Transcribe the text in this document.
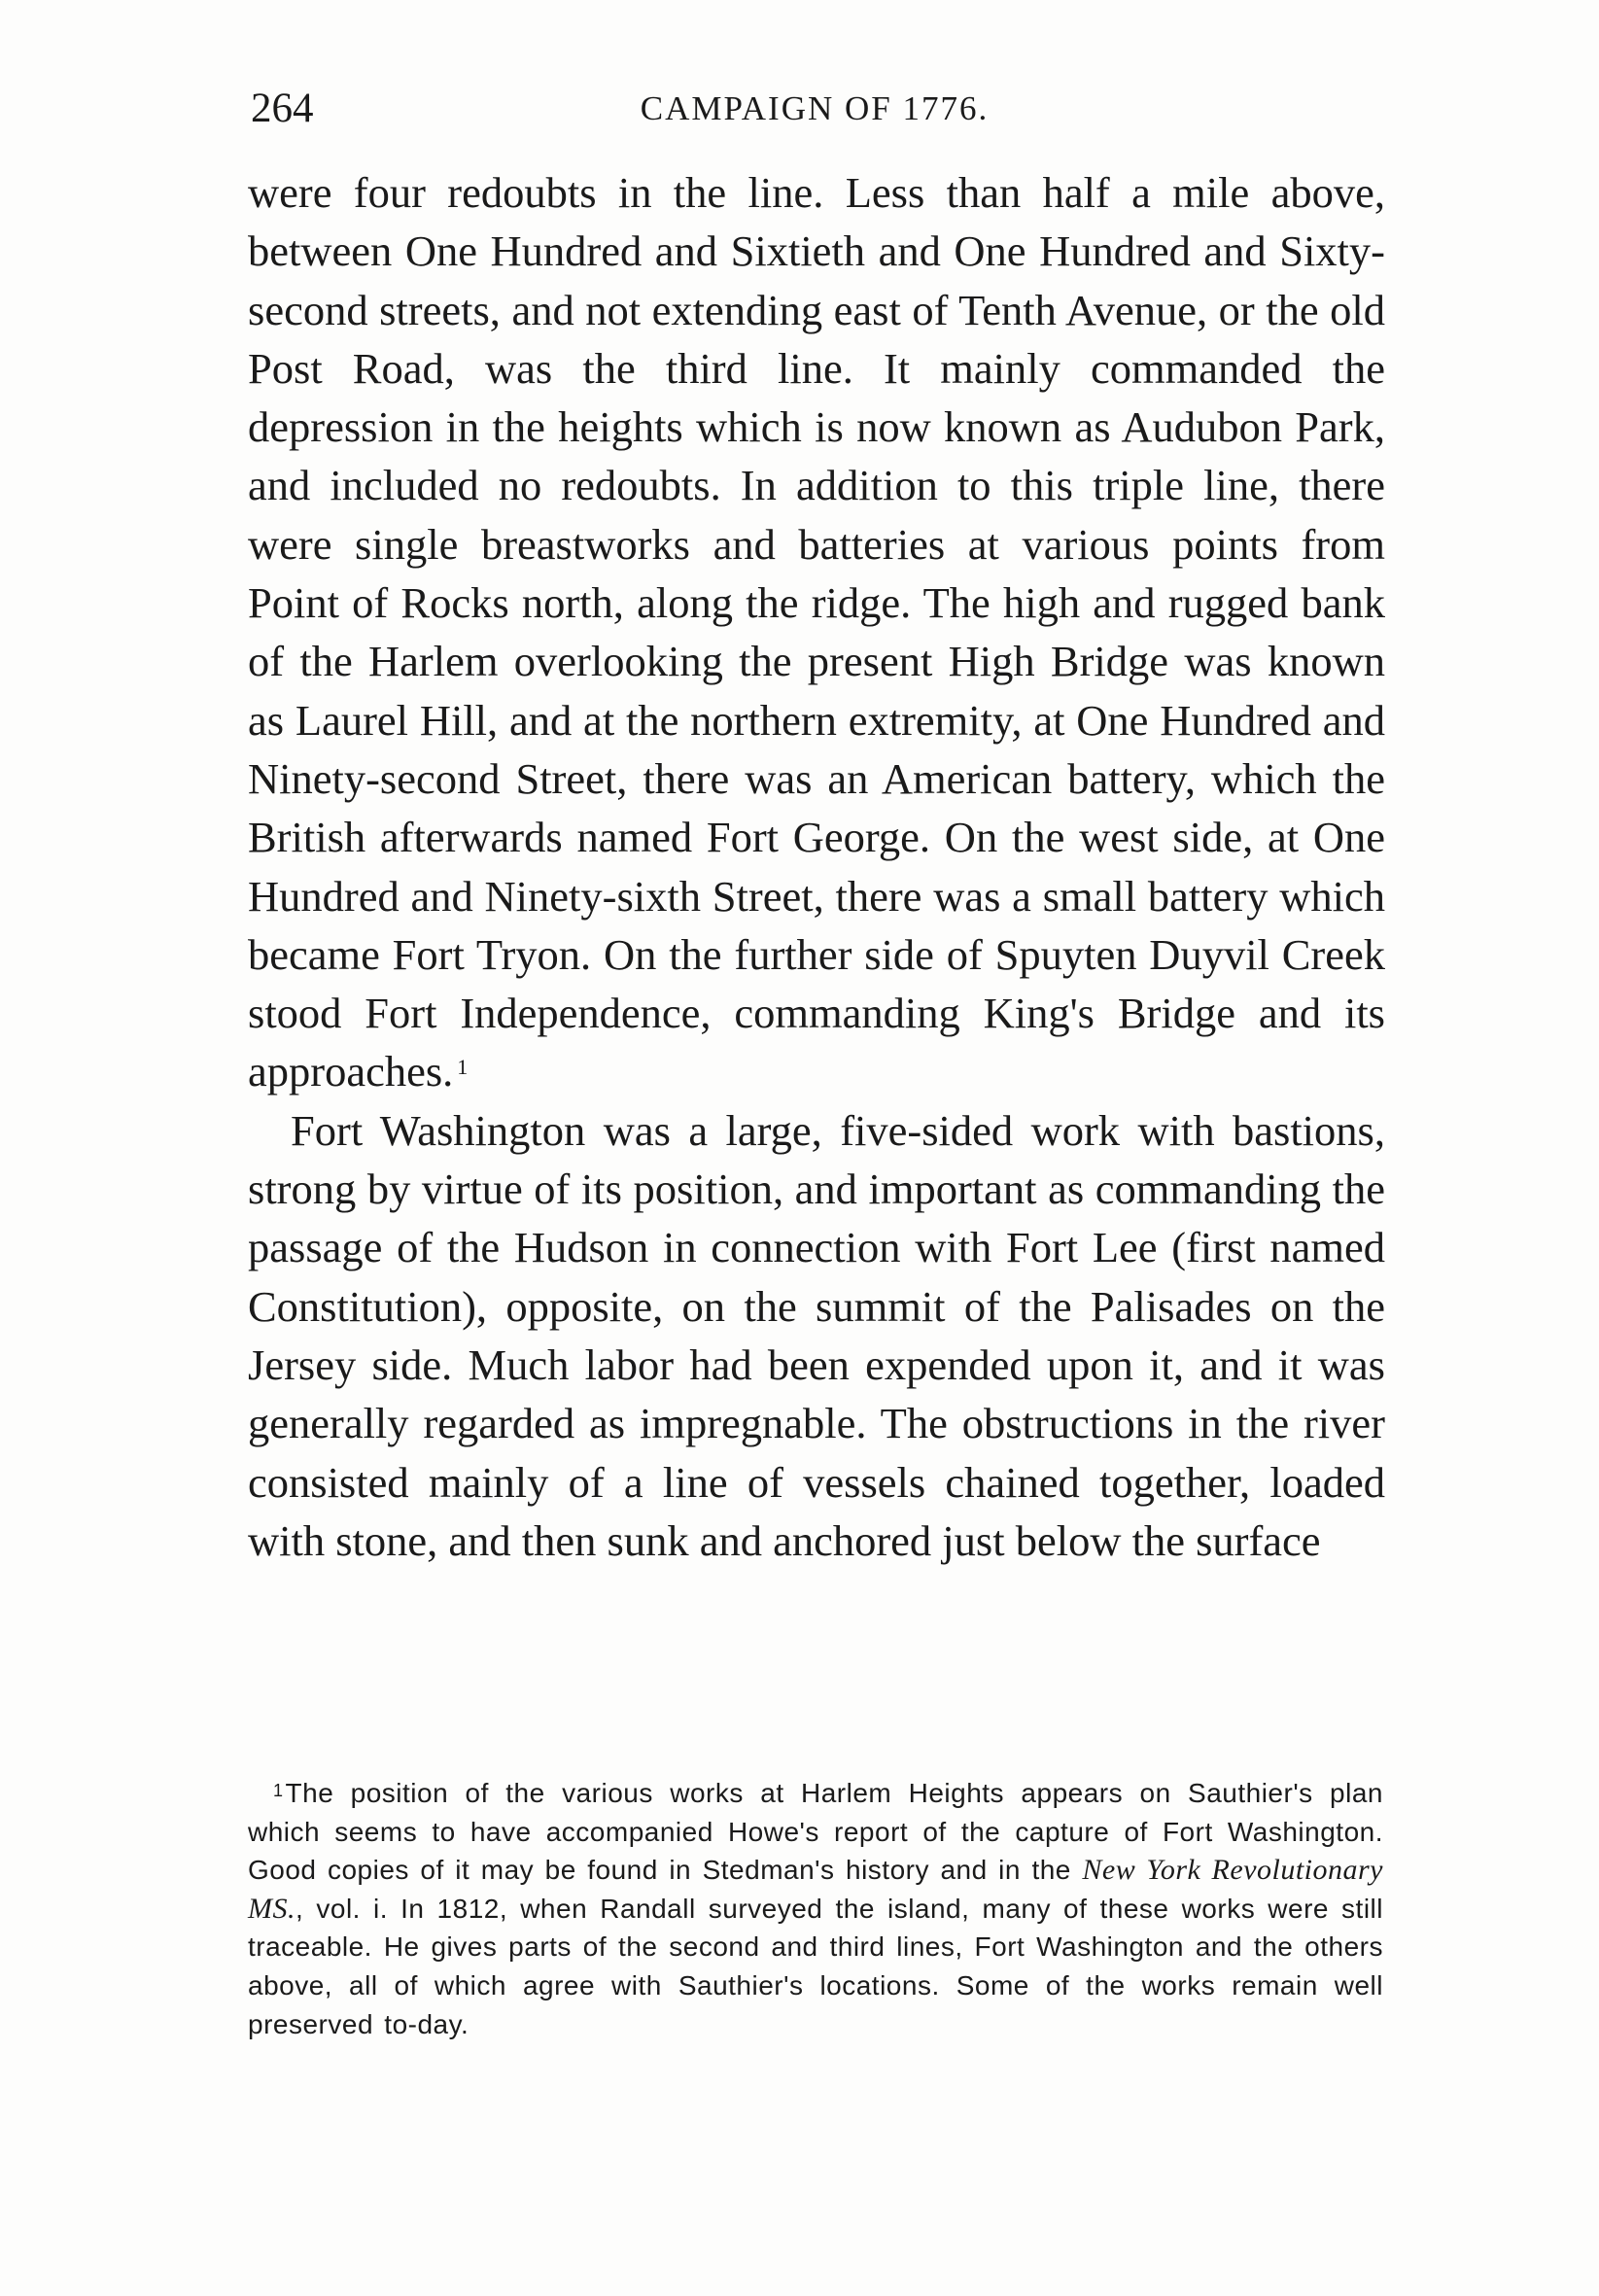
264	CAMPAIGN OF 1776.

were four redoubts in the line. Less than half a mile above, between One Hundred and Sixtieth and One Hundred and Sixty-second streets, and not extending east of Tenth Avenue, or the old Post Road, was the third line. It mainly commanded the depression in the heights which is now known as Audubon Park, and included no redoubts. In addition to this triple line, there were single breastworks and batteries at various points from Point of Rocks north, along the ridge. The high and rugged bank of the Harlem overlooking the present High Bridge was known as Laurel Hill, and at the northern extremity, at One Hundred and Ninety-second Street, there was an American battery, which the British afterwards named Fort George. On the west side, at One Hundred and Ninety-sixth Street, there was a small battery which became Fort Tryon. On the further side of Spuyten Duyvil Creek stood Fort Independence, commanding King's Bridge and its approaches. $^1$

Fort Washington was a large, five-sided work with bastions, strong by virtue of its position, and important as commanding the passage of the Hudson in connection with Fort Lee (first named Constitution), opposite, on the summit of the Palisades on the Jersey side. Much labor had been expended upon it, and it was generally regarded as impregnable. The obstructions in the river consisted mainly of a line of vessels chained together, loaded with stone, and then sunk and anchored just below the surface

$^1$The position of the various works at Harlem Heights appears on Sauthier's plan which seems to have accompanied Howe's report of the capture of Fort Washington. Good copies of it may be found in Stedman's history and in the New York Revolutionary MS., vol. i. In 1812, when Randall surveyed the island, many of these works were still traceable. He gives parts of the second and third lines, Fort Washington and the others above, all of which agree with Sauthier's locations. Some of the works remain well preserved to-day.
